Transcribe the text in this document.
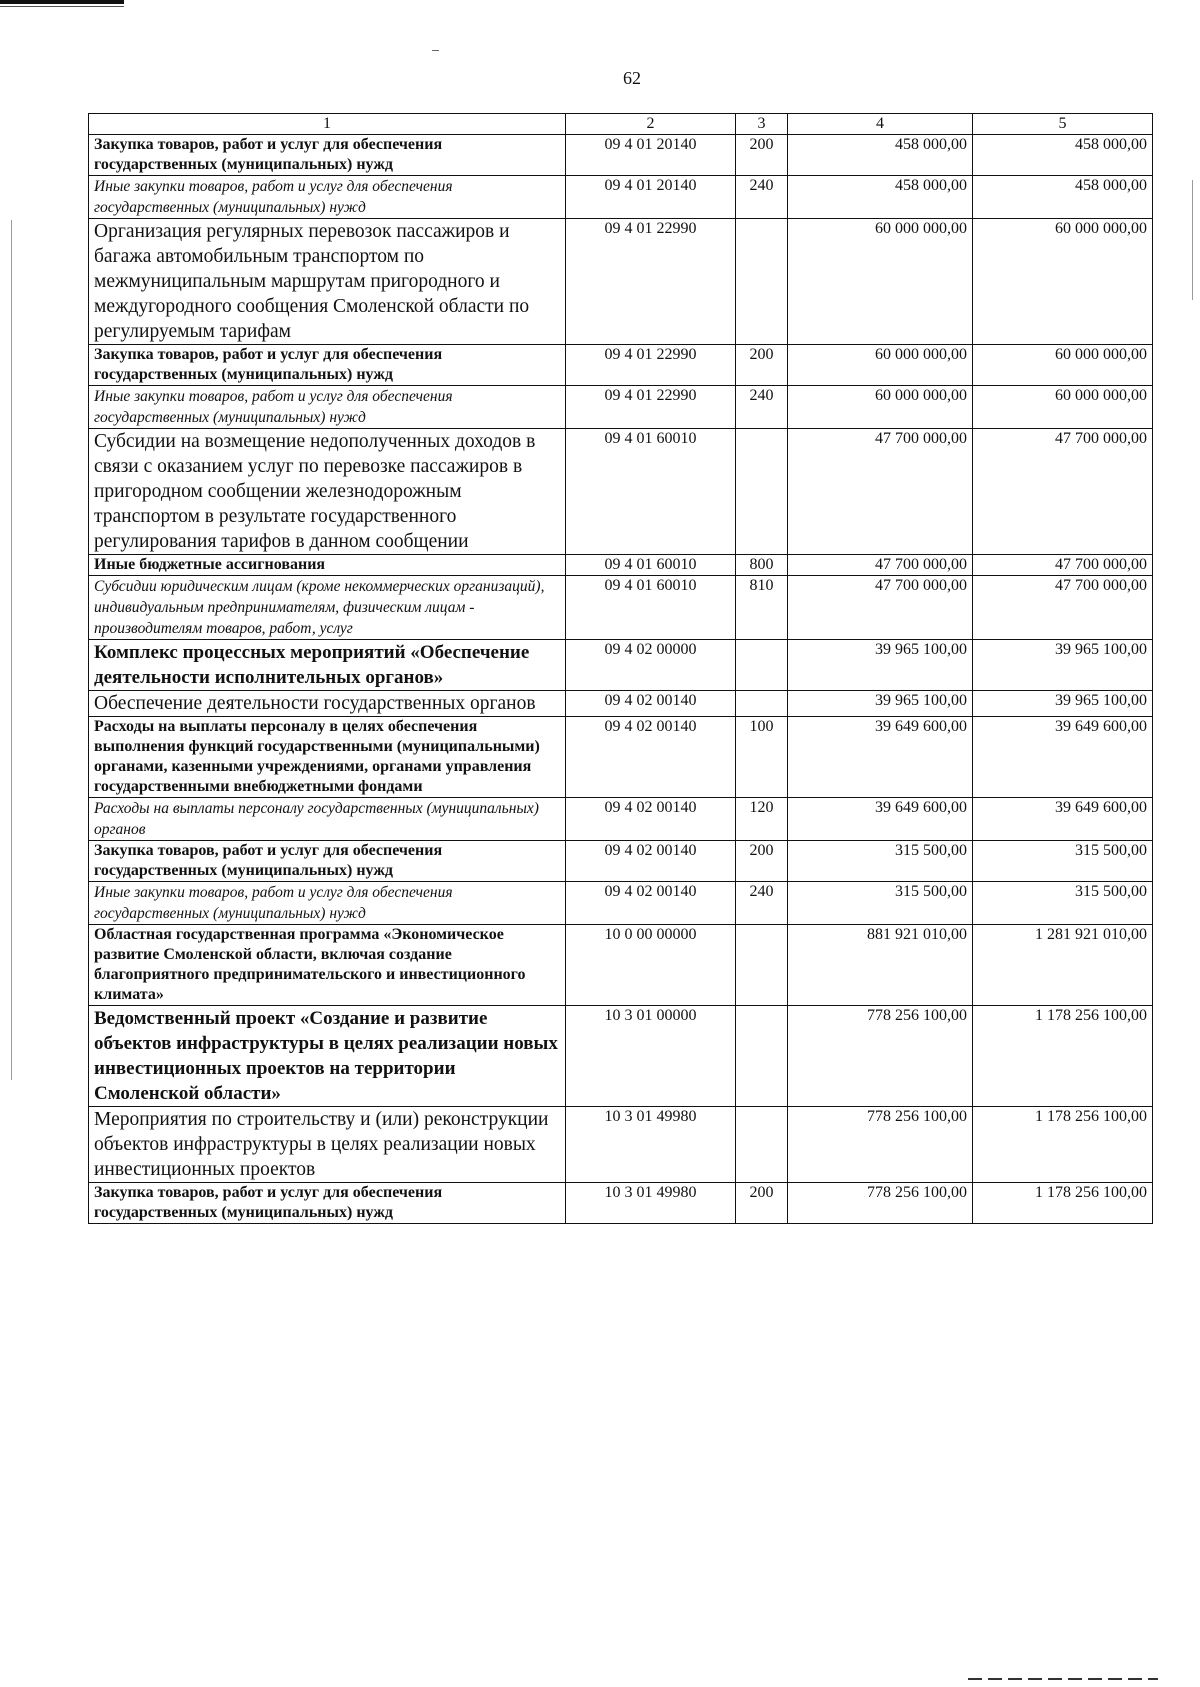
62
1	2	3	4	5
Закупка товаров, работ и услуг для обеспечения государственных (муниципальных) нужд	09 4 01 20140	200	458 000,00	458 000,00
Иные закупки товаров, работ и услуг для обеспечения государственных (муниципальных) нужд	09 4 01 20140	240	458 000,00	458 000,00
Организация регулярных перевозок пассажиров и багажа автомобильным транспортом по межмуниципальным маршрутам пригородного и междугородного сообщения Смоленской области по регулируемым тарифам	09 4 01 22990		60 000 000,00	60 000 000,00
Закупка товаров, работ и услуг для обеспечения государственных (муниципальных) нужд	09 4 01 22990	200	60 000 000,00	60 000 000,00
Иные закупки товаров, работ и услуг для обеспечения государственных (муниципальных) нужд	09 4 01 22990	240	60 000 000,00	60 000 000,00
Субсидии на возмещение недополученных доходов в связи с оказанием услуг по перевозке пассажиров в пригородном сообщении железнодорожным транспортом в результате государственного регулирования тарифов в данном сообщении	09 4 01 60010		47 700 000,00	47 700 000,00
Иные бюджетные ассигнования	09 4 01 60010	800	47 700 000,00	47 700 000,00
Субсидии юридическим лицам (кроме некоммерческих организаций), индивидуальным предпринимателям, физическим лицам - производителям товаров, работ, услуг	09 4 01 60010	810	47 700 000,00	47 700 000,00
Комплекс процессных мероприятий «Обеспечение деятельности исполнительных органов»	09 4 02 00000		39 965 100,00	39 965 100,00
Обеспечение деятельности государственных органов	09 4 02 00140		39 965 100,00	39 965 100,00
Расходы на выплаты персоналу в целях обеспечения выполнения функций государственными (муниципальными) органами, казенными учреждениями, органами управления государственными внебюджетными фондами	09 4 02 00140	100	39 649 600,00	39 649 600,00
Расходы на выплаты персоналу государственных (муниципальных) органов	09 4 02 00140	120	39 649 600,00	39 649 600,00
Закупка товаров, работ и услуг для обеспечения государственных (муниципальных) нужд	09 4 02 00140	200	315 500,00	315 500,00
Иные закупки товаров, работ и услуг для обеспечения государственных (муниципальных) нужд	09 4 02 00140	240	315 500,00	315 500,00
Областная государственная программа «Экономическое развитие Смоленской области, включая создание благоприятного предпринимательского и инвестиционного климата»	10 0 00 00000		881 921 010,00	1 281 921 010,00
Ведомственный проект «Создание и развитие объектов инфраструктуры в целях реализации новых инвестиционных проектов на территории Смоленской области»	10 3 01 00000		778 256 100,00	1 178 256 100,00
Мероприятия по строительству и (или) реконструкции объектов инфраструктуры в целях реализации новых инвестиционных проектов	10 3 01 49980		778 256 100,00	1 178 256 100,00
Закупка товаров, работ и услуг для обеспечения государственных (муниципальных) нужд	10 3 01 49980	200	778 256 100,00	1 178 256 100,00
